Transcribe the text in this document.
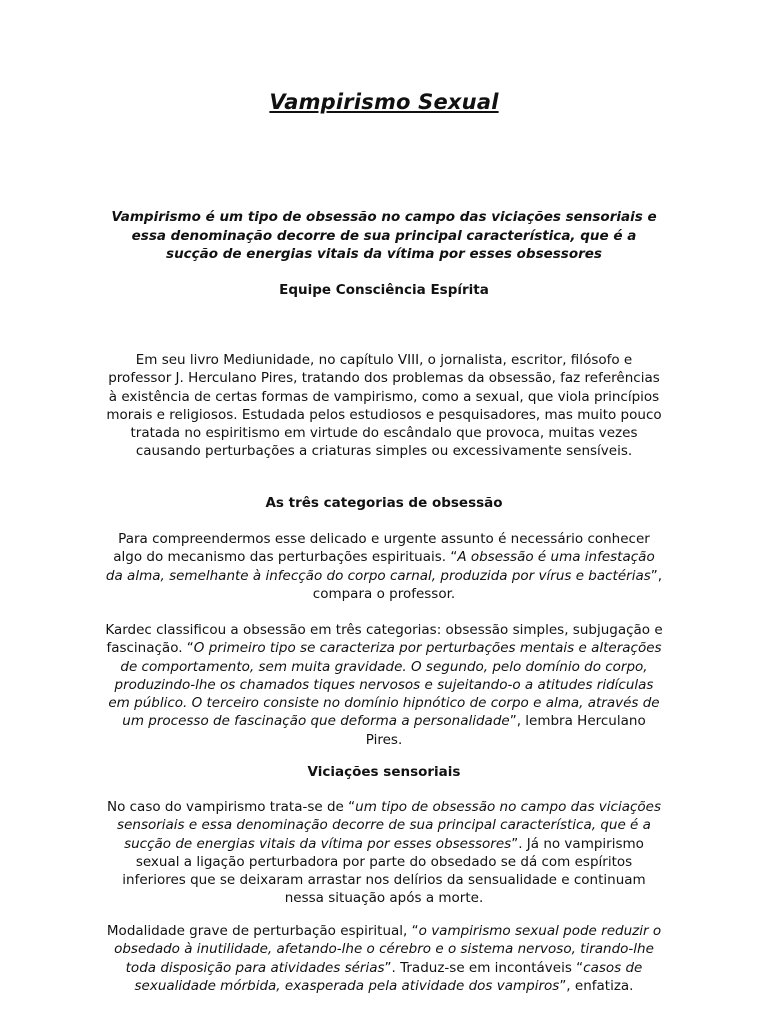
Vampirismo Sexual
Vampirismo é um tipo de obsessão no campo das viciações sensoriais e essa denominação decorre de sua principal característica, que é a sucção de energias vitais da vítima por esses obsessores
Equipe Consciência Espírita
Em seu livro Mediunidade, no capítulo VIII, o jornalista, escritor, filósofo e professor J. Herculano Pires, tratando dos problemas da obsessão, faz referências à existência de certas formas de vampirismo, como a sexual, que viola princípios morais e religiosos. Estudada pelos estudiosos e pesquisadores, mas muito pouco tratada no espiritismo em virtude do escândalo que provoca, muitas vezes causando perturbações a criaturas simples ou excessivamente sensíveis.
As três categorias de obsessão
Para compreendermos esse delicado e urgente assunto é necessário conhecer algo do mecanismo das perturbações espirituais. “A obsessão é uma infestação da alma, semelhante à infecção do corpo carnal, produzida por vírus e bactérias”, compara o professor.
Kardec classificou a obsessão em três categorias: obsessão simples, subjugação e fascinação. “O primeiro tipo se caracteriza por perturbações mentais e alterações de comportamento, sem muita gravidade. O segundo, pelo domínio do corpo, produzindo-lhe os chamados tiques nervosos e sujeitando-o a atitudes ridículas em público. O terceiro consiste no domínio hipnótico de corpo e alma, através de um processo de fascinação que deforma a personalidade”, lembra Herculano Pires.
Viciações sensoriais
No caso do vampirismo trata-se de “um tipo de obsessão no campo das viciações sensoriais e essa denominação decorre de sua principal característica, que é a sucção de energias vitais da vítima por esses obsessores”. Já no vampirismo sexual a ligação perturbadora por parte do obsedado se dá com espíritos inferiores que se deixaram arrastar nos delírios da sensualidade e continuam nessa situação após a morte.
Modalidade grave de perturbação espiritual, “o vampirismo sexual pode reduzir o obsedado à inutilidade, afetando-lhe o cérebro e o sistema nervoso, tirando-lhe toda disposição para atividades sérias”. Traduz-se em incontáveis “casos de sexualidade mórbida, exasperada pela atividade dos vampiros”, enfatiza.
